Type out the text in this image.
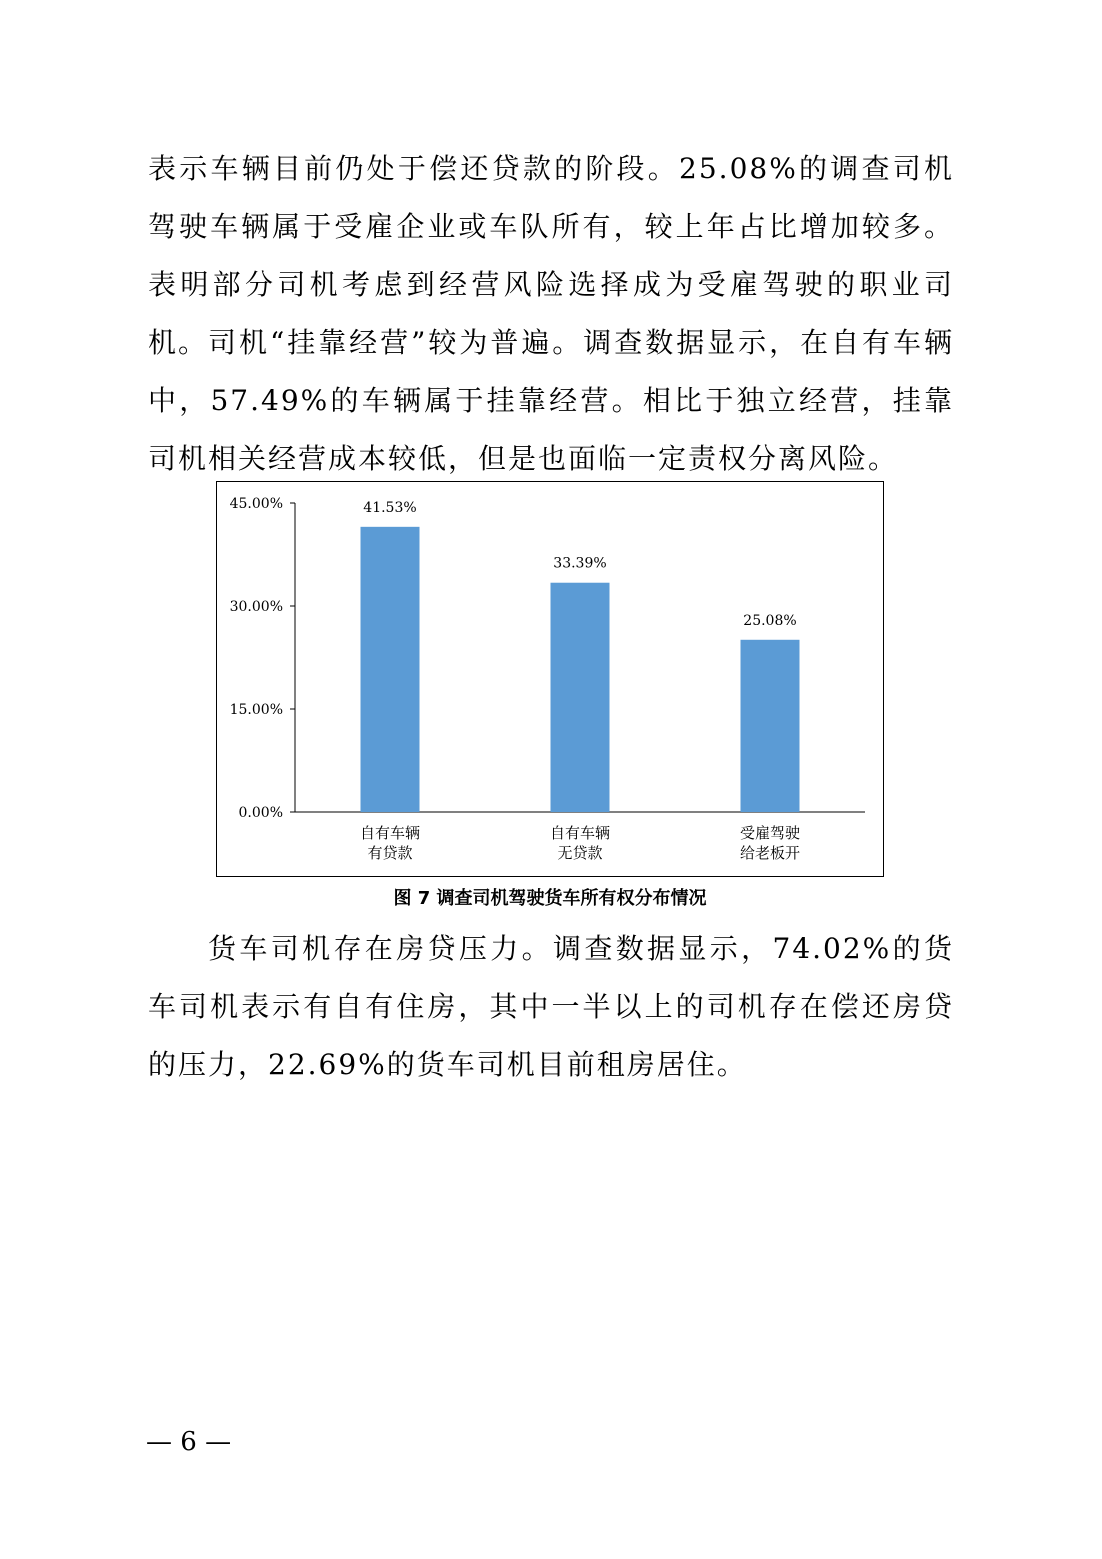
表示车辆目前仍处于偿还贷款的阶段。25.08%的调查司机驾驶车辆属于受雇企业或车队所有，较上年占比增加较多。表明部分司机考虑到经营风险选择成为受雇驾驶的职业司机。 司机“挂靠经营”较为普遍。调查数据显示，在自有车辆中，57.49%的车辆属于挂靠经营。相比于独立经营，挂靠司机相关经营成本较低，但是也面临一定责权分离风险。

0.00%
15.00%
30.00%
45.00%	41.53%
自有车辆
有贷款
33.39%
自有车辆
无贷款
25.08%
受雇驾驶
给老板开
图 7 调查司机驾驶货车所有权分布情况

货车司机存在房贷压力。调查数据显示，74.02%的货车司机表示有自有住房，其中一半以上的司机存在偿还房贷的压力，22.69%的货车司机目前租房居住。

— 6 —
